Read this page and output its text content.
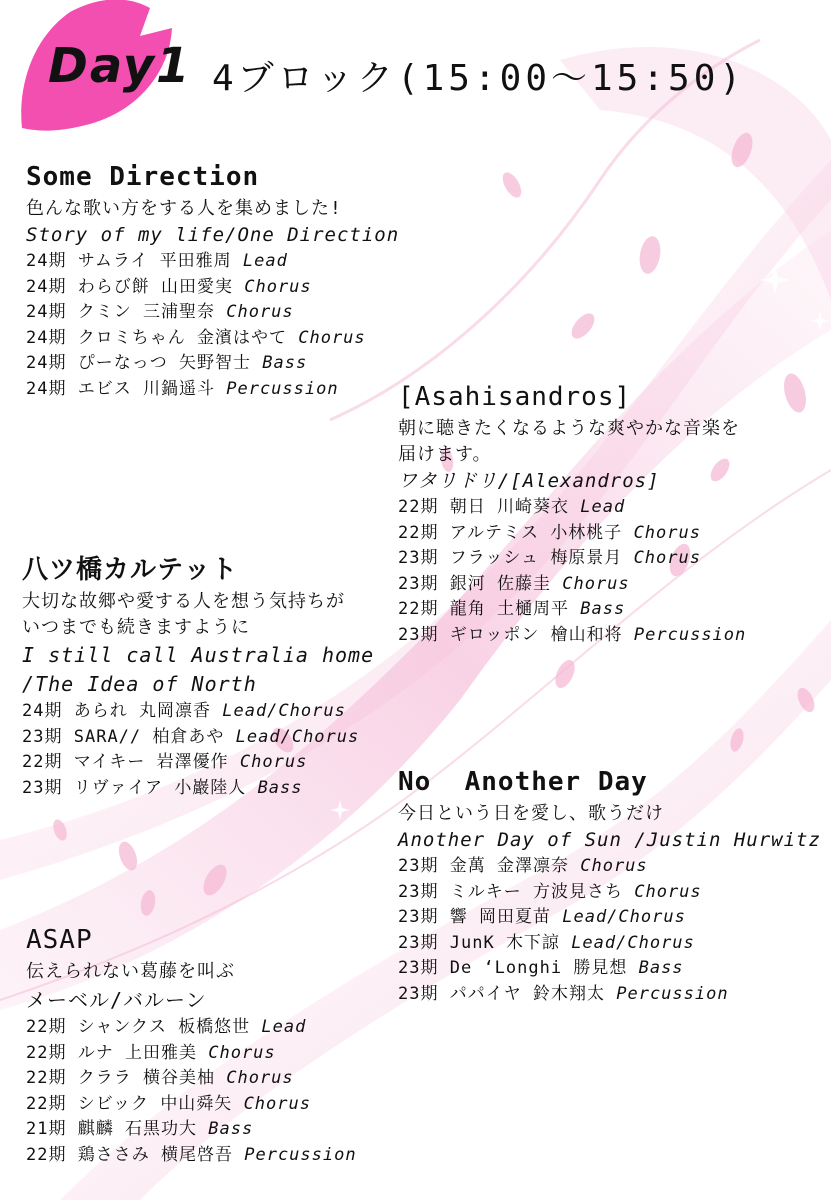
Day1 4ブロック(15:00〜15:50)
Some Direction
色んな歌い方をする人を集めました!
Story of my life/One Direction
24期 サムライ 平田雅周 Lead
24期 わらび餅 山田愛実 Chorus
24期 クミン 三浦聖奈 Chorus
24期 クロミちゃん 金濱はやて Chorus
24期 ぴーなっつ 矢野智士 Bass
24期 エビス 川鍋遥斗 Percussion	[Asahisandros]
朝に聴きたくなるような爽やかな音楽を
届けます。
ワタリドリ/[Alexandros]
22期 朝日 川崎葵衣 Lead
22期 アルテミス 小林桃子 Chorus
23期 フラッシュ 梅原景月 Chorus
23期 銀河 佐藤圭 Chorus
22期 龍角 土樋周平 Bass
23期 ギロッポン 檜山和将 Percussion
八ツ橋カルテット
大切な故郷や愛する人を想う気持ちが
いつまでも続きますように
I still call Australia home
/The Idea of North
24期 あられ 丸岡凛香 Lead/Chorus
23期 SARA// 柏倉あや Lead/Chorus
22期 マイキー 岩澤優作 Chorus
23期 リヴァイア 小巖陸人 Bass	No  Another Day
今日という日を愛し、歌うだけ
Another Day of Sun /Justin Hurwitz
23期 金萬 金澤凛奈 Chorus
23期 ミルキー 方波見さち Chorus
23期 響 岡田夏苗 Lead/Chorus
23期 JunK 木下諒 Lead/Chorus
23期 De ‘Longhi 勝見想 Bass
23期 パパイヤ 鈴木翔太 Percussion
ASAP
伝えられない葛藤を叫ぶ
メーベル/バルーン
22期 シャンクス 板橋悠世 Lead
22期 ルナ 上田雅美 Chorus
22期 クララ 横谷美柚 Chorus
22期 シビック 中山舜矢 Chorus
21期 麒麟 石黒功大 Bass
22期 鶏ささみ 横尾啓吾 Percussion
